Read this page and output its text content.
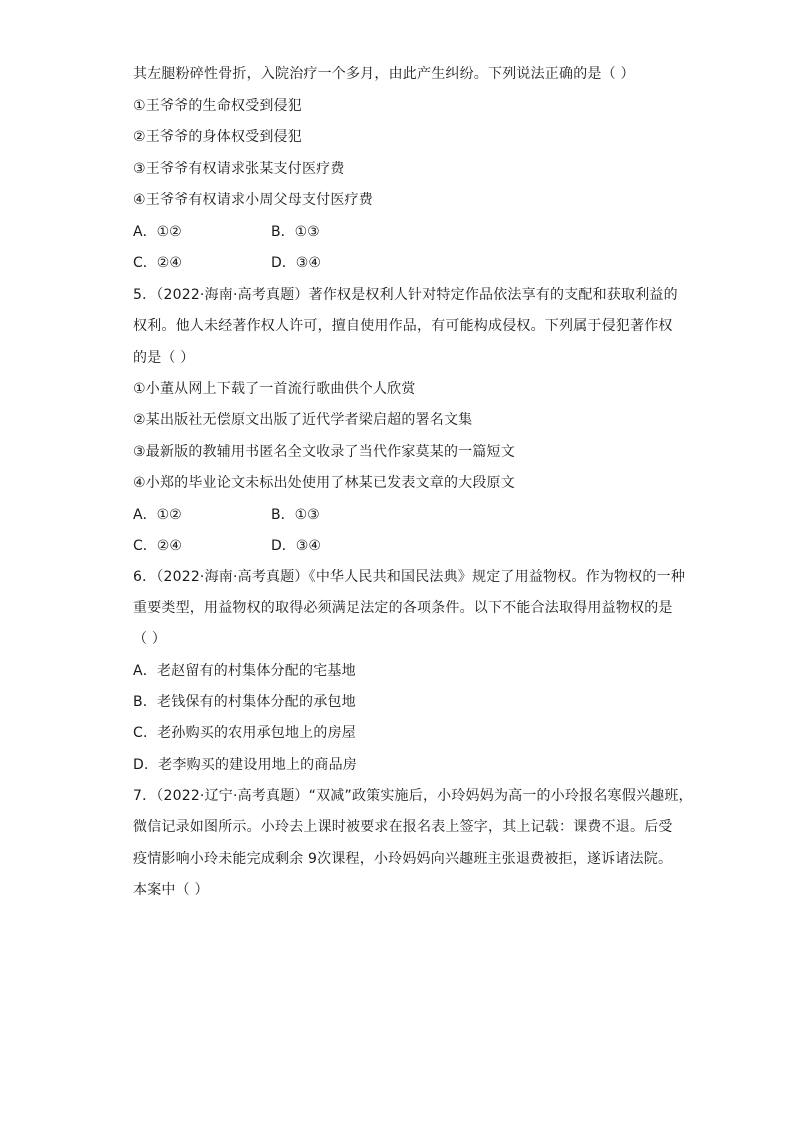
其左腿粉碎性骨折，入院治疗一个多月，由此产生纠纷。下列说法正确的是（ ）
①王爷爷的生命权受到侵犯
②王爷爷的身体权受到侵犯
③王爷爷有权请求张某支付医疗费
④王爷爷有权请求小周父母支付医疗费
A．①②	B．①③
C．②④	D．③④
5．（2022·海南·高考真题）著作权是权利人针对特定作品依法享有的支配和获取利益的
权利。他人未经著作权人许可，擅自使用作品，有可能构成侵权。下列属于侵犯著作权
的是（ ）
①小董从网上下载了一首流行歌曲供个人欣赏
②某出版社无偿原文出版了近代学者梁启超的署名文集
③最新版的教辅用书匿名全文收录了当代作家莫某的一篇短文
④小郑的毕业论文未标出处使用了林某已发表文章的大段原文
A．①②	B．①③
C．②④	D．③④
6．（2022·海南·高考真题）《中华人民共和国民法典》规定了用益物权。作为物权的一种
重要类型，用益物权的取得必须满足法定的各项条件。以下不能合法取得用益物权的是
（ ）
A．老赵留有的村集体分配的宅基地
B．老钱保有的村集体分配的承包地
C．老孙购买的农用承包地上的房屋
D．老李购买的建设用地上的商品房
7．（2022·辽宁·高考真题）“双减”政策实施后，小玲妈妈为高一的小玲报名寒假兴趣班，
微信记录如图所示。小玲去上课时被要求在报名表上签字，其上记载：课费不退。后受
疫情影响小玲未能完成剩余 9次课程，小玲妈妈向兴趣班主张退费被拒，遂诉诸法院。
本案中（ ）
